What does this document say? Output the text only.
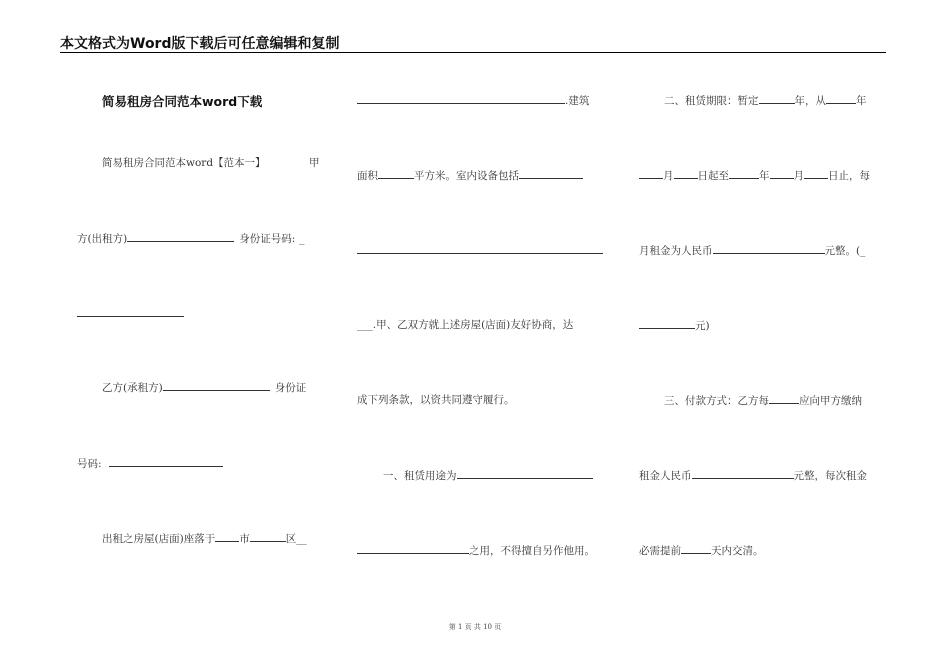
本文格式为Word版下载后可任意编辑和复制
简易租房合同范本word下载
简易租房合同范本word【范本一】	甲
方(出租方)	身份证号码: _
乙方(承租方)	身份证
号码:
出租之房屋(店面)座落于 市	区__
.建筑
面积	平方米。室内设备包括
___.甲、乙双方就上述房屋(店面)友好协商，达
成下列条款，以资共同遵守履行。
一、租赁用途为
之用，不得擅自另作他用。
二、租赁期限：暂定	年，从	年
月 日起至	年 月 日止，每
月租金为人民币	元整。(_
元)
三、付款方式：乙方每	应向甲方缴纳
租金人民币	元整，每次租金
必需提前	天内交清。
第 1 页 共 10 页
